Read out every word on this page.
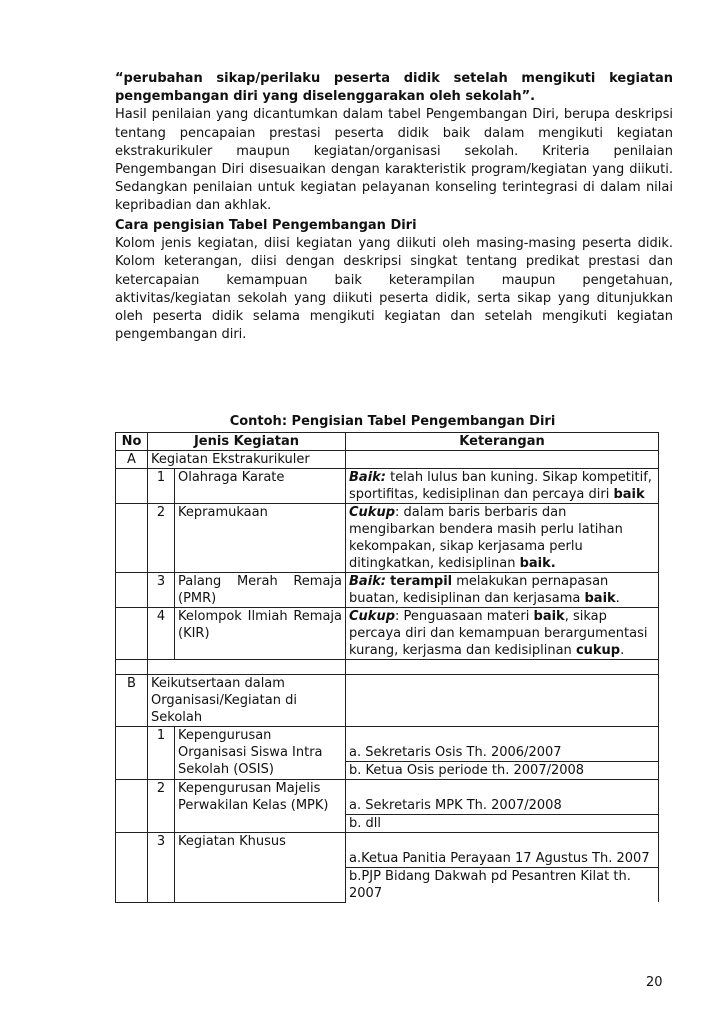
“perubahan sikap/perilaku peserta didik setelah mengikuti kegiatan
pengembangan diri yang diselenggarakan oleh sekolah”.
Hasil penilaian yang dicantumkan dalam tabel Pengembangan Diri, berupa deskripsi
tentang pencapaian prestasi peserta didik baik dalam mengikuti kegiatan
ekstrakurikuler maupun kegiatan/organisasi sekolah. Kriteria penilaian
Pengembangan Diri disesuaikan dengan karakteristik program/kegiatan yang diikuti.
Sedangkan penilaian untuk kegiatan pelayanan konseling terintegrasi di dalam nilai
kepribadian dan akhlak.
Cara pengisian Tabel Pengembangan Diri
Kolom jenis kegiatan, diisi kegiatan yang diikuti oleh masing-masing peserta didik.
Kolom keterangan, diisi dengan deskripsi singkat tentang predikat prestasi dan
ketercapaian kemampuan baik keterampilan maupun pengetahuan,
aktivitas/kegiatan sekolah yang diikuti peserta didik, serta sikap yang ditunjukkan
oleh peserta didik selama mengikuti kegiatan dan setelah mengikuti kegiatan
pengembangan diri.
Contoh: Pengisian Tabel Pengembangan Diri
No	Jenis Kegiatan		Keterangan
A	Kegiatan Ekstrakurikuler		
	1	Olahraga Karate	Baik: telah lulus ban kuning. Sikap kompetitif, sportifitas, kedisiplinan dan percaya diri baik
	2	Kepramukaan	Cukup: dalam baris berbaris dan mengibarkan bendera masih perlu latihan kekompakan, sikap kerjasama perlu ditingkatkan, kedisiplinan baik.
	3	Palang Merah Remaja (PMR)	Baik: terampil melakukan pernapasan buatan, kedisiplinan dan kerjasama baik.
	4	Kelompok Ilmiah Remaja (KIR)	Cukup: Penguasaan materi baik, sikap percaya diri dan kemampuan berargumentasi kurang, kerjasma dan kedisiplinan cukup.

B	Keikutsertaan dalam Organisasi/Kegiatan di Sekolah		
	1	Kepengurusan Organisasi Siswa Intra Sekolah (OSIS)	a. Sekretaris Osis Th. 2006/2007
			b. Ketua Osis periode th. 2007/2008
	2	Kepengurusan Majelis Perwakilan Kelas (MPK)	a. Sekretaris MPK Th. 2007/2008
			b. dll
	3	Kegiatan Khusus	a.Ketua Panitia Perayaan 17 Agustus Th. 2007
			b.PJP Bidang Dakwah pd Pesantren Kilat th. 2007
20
